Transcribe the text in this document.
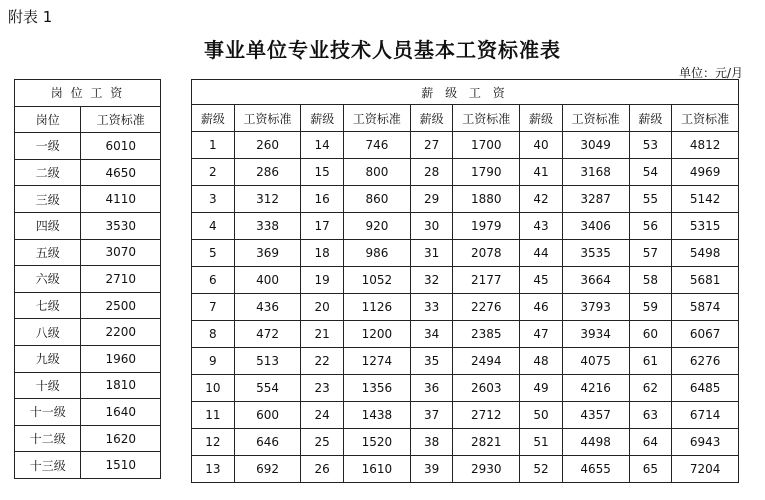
附表 1
事业单位专业技术人员基本工资标准表
单位：元/月
岗 位 工 资	
岗位	工资标准
一级	6010
二级	4650
三级	4110
四级	3530
五级	3070
六级	2710
七级	2500
八级	2200
九级	1960
十级	1810
十一级	1640
十二级	1620
十三级	1510
薪 级 工 资									
薪级	工资标准	薪级	工资标准	薪级	工资标准	薪级	工资标准	薪级	工资标准
1	260	14	746	27	1700	40	3049	53	4812
2	286	15	800	28	1790	41	3168	54	4969
3	312	16	860	29	1880	42	3287	55	5142
4	338	17	920	30	1979	43	3406	56	5315
5	369	18	986	31	2078	44	3535	57	5498
6	400	19	1052	32	2177	45	3664	58	5681
7	436	20	1126	33	2276	46	3793	59	5874
8	472	21	1200	34	2385	47	3934	60	6067
9	513	22	1274	35	2494	48	4075	61	6276
10	554	23	1356	36	2603	49	4216	62	6485
11	600	24	1438	37	2712	50	4357	63	6714
12	646	25	1520	38	2821	51	4498	64	6943
13	692	26	1610	39	2930	52	4655	65	7204
